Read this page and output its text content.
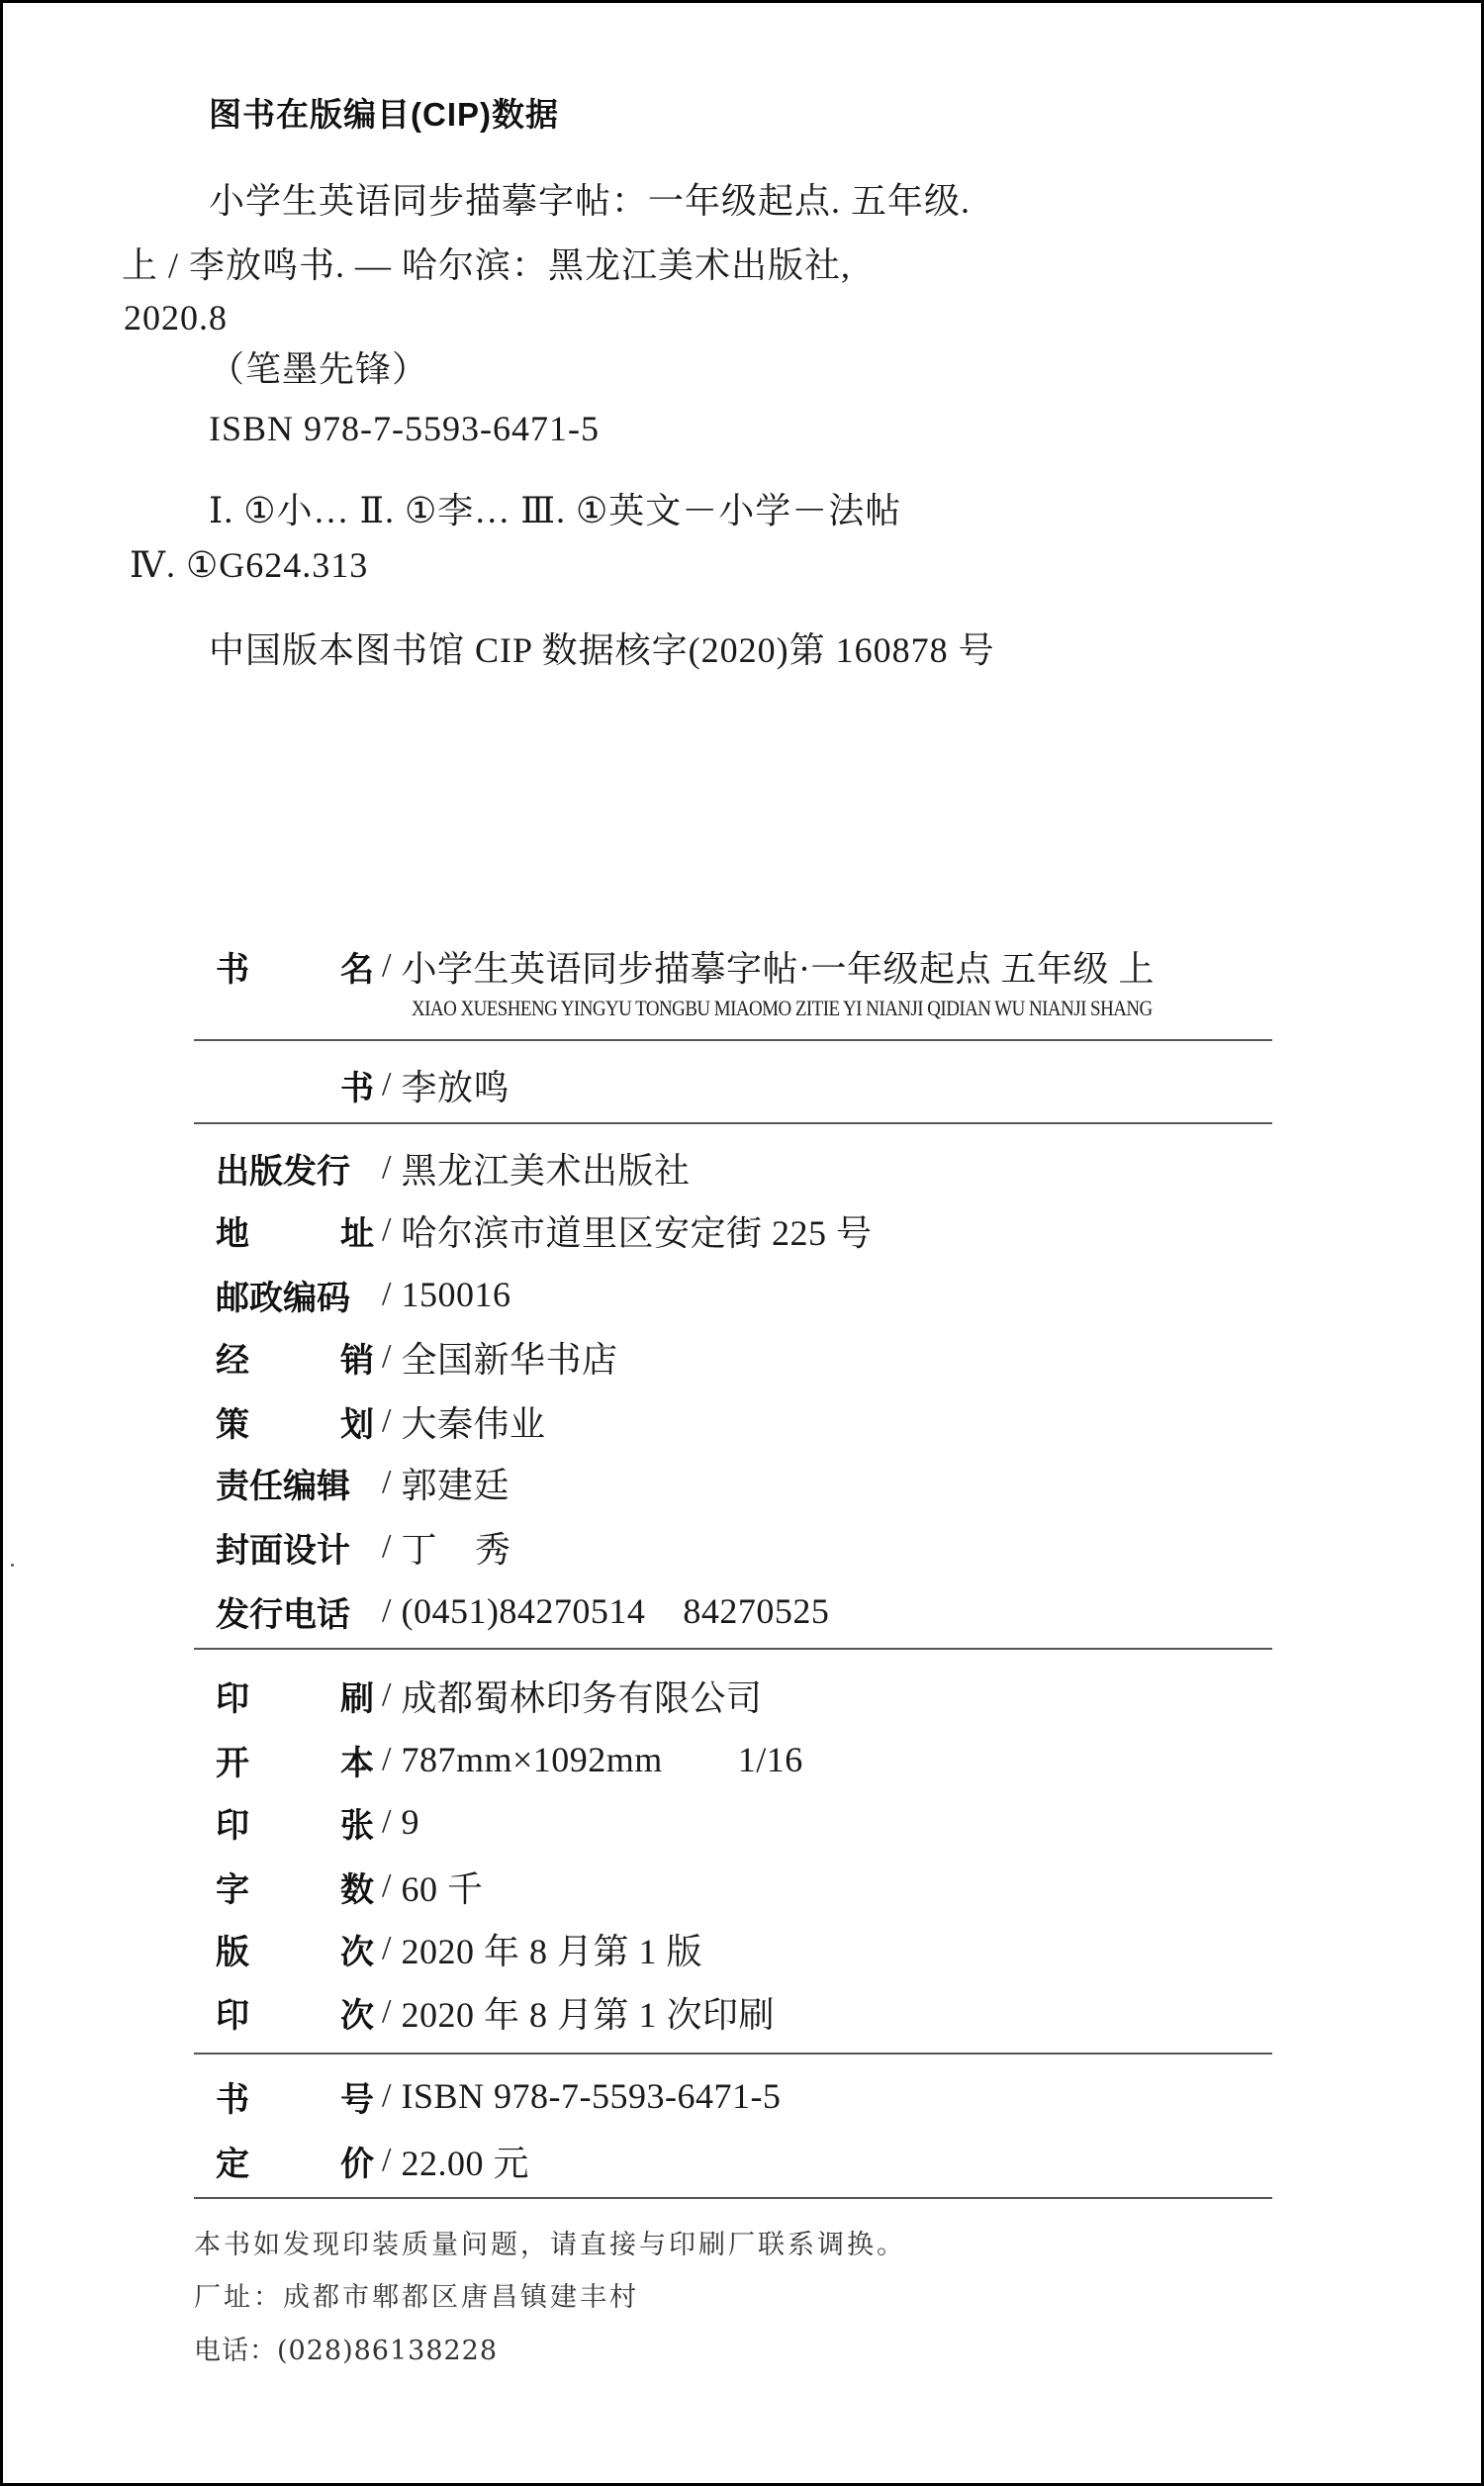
图书在版编目(CIP)数据
小学生英语同步描摹字帖：一年级起点. 五年级.
上 / 李放鸣书. — 哈尔滨：黑龙江美术出版社,
2020.8
（笔墨先锋）
ISBN 978-7-5593-6471-5
Ⅰ. ①小… Ⅱ. ①李… Ⅲ. ①英文－小学－法帖
Ⅳ. ①G624.313
中国版本图书馆 CIP 数据核字(2020)第 160878 号
书	名 / 小学生英语同步描摹字帖·一年级起点 五年级 上
XIAO XUESHENG YINGYU TONGBU MIAOMO ZITIE YI NIANJI QIDIAN WU NIANJI SHANG
书 / 李放鸣
出版发行 / 黑龙江美术出版社
地	址 / 哈尔滨市道里区安定街 225 号
邮政编码 / 150016
经	销 / 全国新华书店
策	划 / 大秦伟业
责任编辑 / 郭建廷
封面设计 / 丁    秀
发行电话 / (0451)84270514    84270525
印	刷 / 成都蜀林印务有限公司
开	本 / 787mm×1092mm        1/16
印	张 / 9
字	数 / 60 千
版	次 / 2020 年 8 月第 1 版
印	次 / 2020 年 8 月第 1 次印刷
书	号 / ISBN 978-7-5593-6471-5
定	价 / 22.00 元
本书如发现印装质量问题，请直接与印刷厂联系调换。
厂址：成都市郫都区唐昌镇建丰村
电话：(028)86138228
